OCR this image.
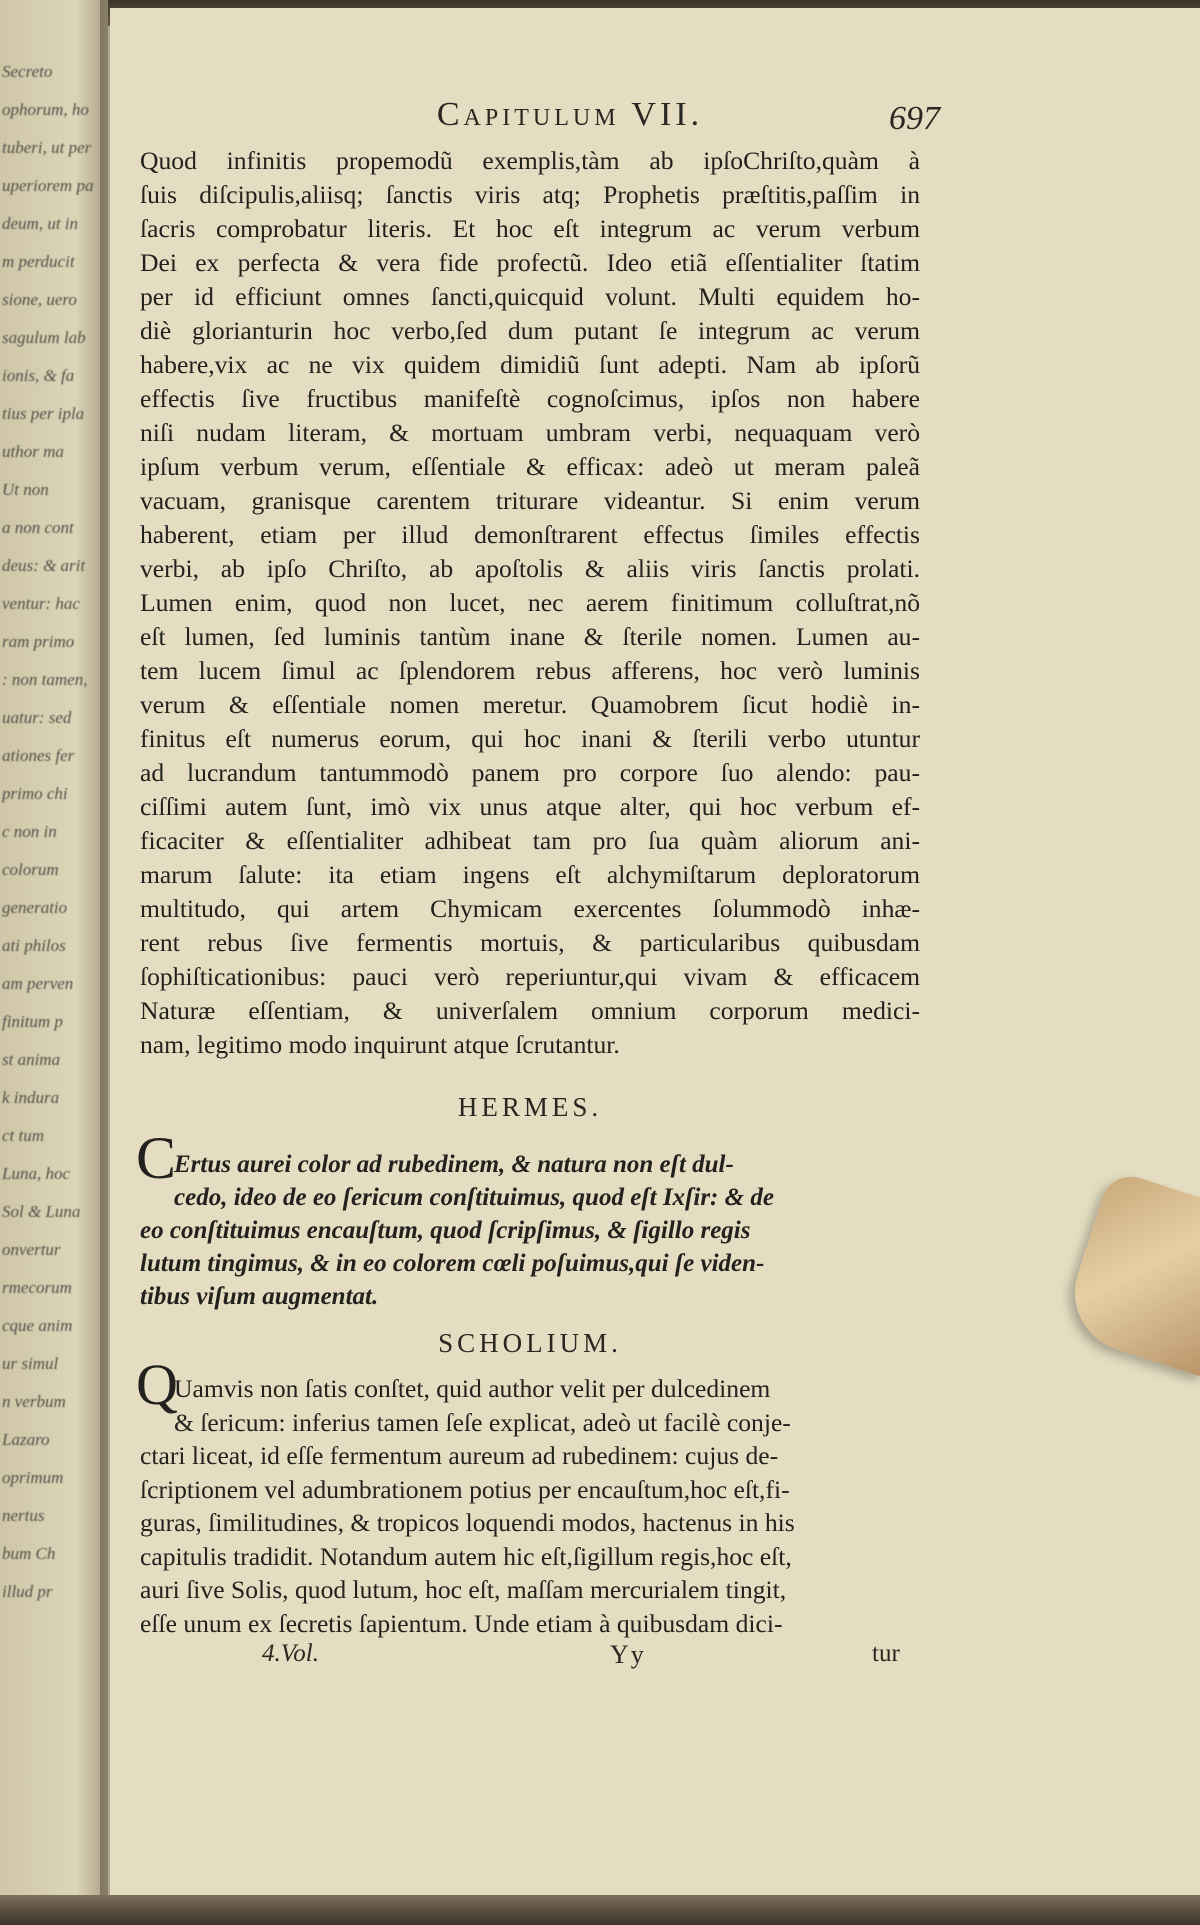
Secreto
ophorum, ho
tuberi, ut per
uperiorem pa
deum, ut in
m perducit
sione, uero
sagulum lab
ionis, & fa
tius per ipla
uthor ma
Ut non
a non cont
deus: & arit
ventur: hac
ram primo
: non tamen,
uatur: sed
ationes fer
primo chi
c non in
colorum
generatio
ati philos
am perven
finitum p
st anima
k indura
ct tum
Luna, hoc
Sol & Luna
onvertur
rmecorum
cque anim
ur simul
n verbum
Lazaro
oprimum
nertus
bum Ch
illud pr
Capitulum VII.	697

Quod infinitis propemodũ exemplis,tàm ab ipſoChriſto,quàm à
ſuis diſcipulis,aliisq; ſanctis viris atq; Prophetis præſtitis,paſſim in
ſacris comprobatur literis. Et hoc eſt integrum ac verum verbum
Dei ex perfecta & vera fide profectũ. Ideo etiã eſſentialiter ſtatim
per id efficiunt omnes ſancti,quicquid volunt. Multi equidem ho-
diè glorianturin hoc verbo,ſed dum putant ſe integrum ac verum
habere,vix ac ne vix quidem dimidiũ ſunt adepti. Nam ab ipſorũ
effectis ſive fructibus manifeſtè cognoſcimus, ipſos non habere
niſi nudam literam, & mortuam umbram verbi, nequaquam verò
ipſum verbum verum, eſſentiale & efficax: adeò ut meram paleã
vacuam, granisque carentem triturare videantur. Si enim verum
haberent, etiam per illud demonſtrarent effectus ſimiles effectis
verbi, ab ipſo Chriſto, ab apoſtolis & aliis viris ſanctis prolati.
Lumen enim, quod non lucet, nec aerem finitimum colluſtrat,nõ
eſt lumen, ſed luminis tantùm inane & ſterile nomen. Lumen au-
tem lucem ſimul ac ſplendorem rebus afferens, hoc verò luminis
verum & eſſentiale nomen meretur. Quamobrem ſicut hodiè in-
finitus eſt numerus eorum, qui hoc inani & ſterili verbo utuntur
ad lucrandum tantummodò panem pro corpore ſuo alendo: pau-
ciſſimi autem ſunt, imò vix unus atque alter, qui hoc verbum ef-
ficaciter & eſſentialiter adhibeat tam pro ſua quàm aliorum ani-
marum ſalute: ita etiam ingens eſt alchymiſtarum deploratorum
multitudo, qui artem Chymicam exercentes ſolummodò inhæ-
rent rebus ſive fermentis mortuis, & particularibus quibusdam
ſophiſticationibus: pauci verò reperiuntur,qui vivam & efficacem
Naturæ eſſentiam, & univerſalem omnium corporum medici-
nam, legitimo modo inquirunt atque ſcrutantur.

HERMES.
C
Ertus aurei color ad rubedinem, & natura non eſt dul-
cedo, ideo de eo ſericum conſtituimus, quod eſt Ixſir: & de
eo conſtituimus encauſtum, quod ſcripſimus, & ſigillo regis
lutum tingimus, & in eo colorem cœli poſuimus,qui ſe viden-
tibus viſum augmentat.
SCHOLIUM.
Q
Uamvis non ſatis conſtet, quid author velit per dulcedinem
& ſericum: inferius tamen ſeſe explicat, adeò ut facilè conje-
ctari liceat, id eſſe fermentum aureum ad rubedinem: cujus de-
ſcriptionem vel adumbrationem potius per encauſtum,hoc eſt,fi-
guras, ſimilitudines, & tropicos loquendi modos, hactenus in his
capitulis tradidit. Notandum autem hic eſt,ſigillum regis,hoc eſt,
auri ſive Solis, quod lutum, hoc eſt, maſſam mercurialem tingit,
eſſe unum ex ſecretis ſapientum. Unde etiam à quibusdam dici-
4.Vol.	Yy	tur
